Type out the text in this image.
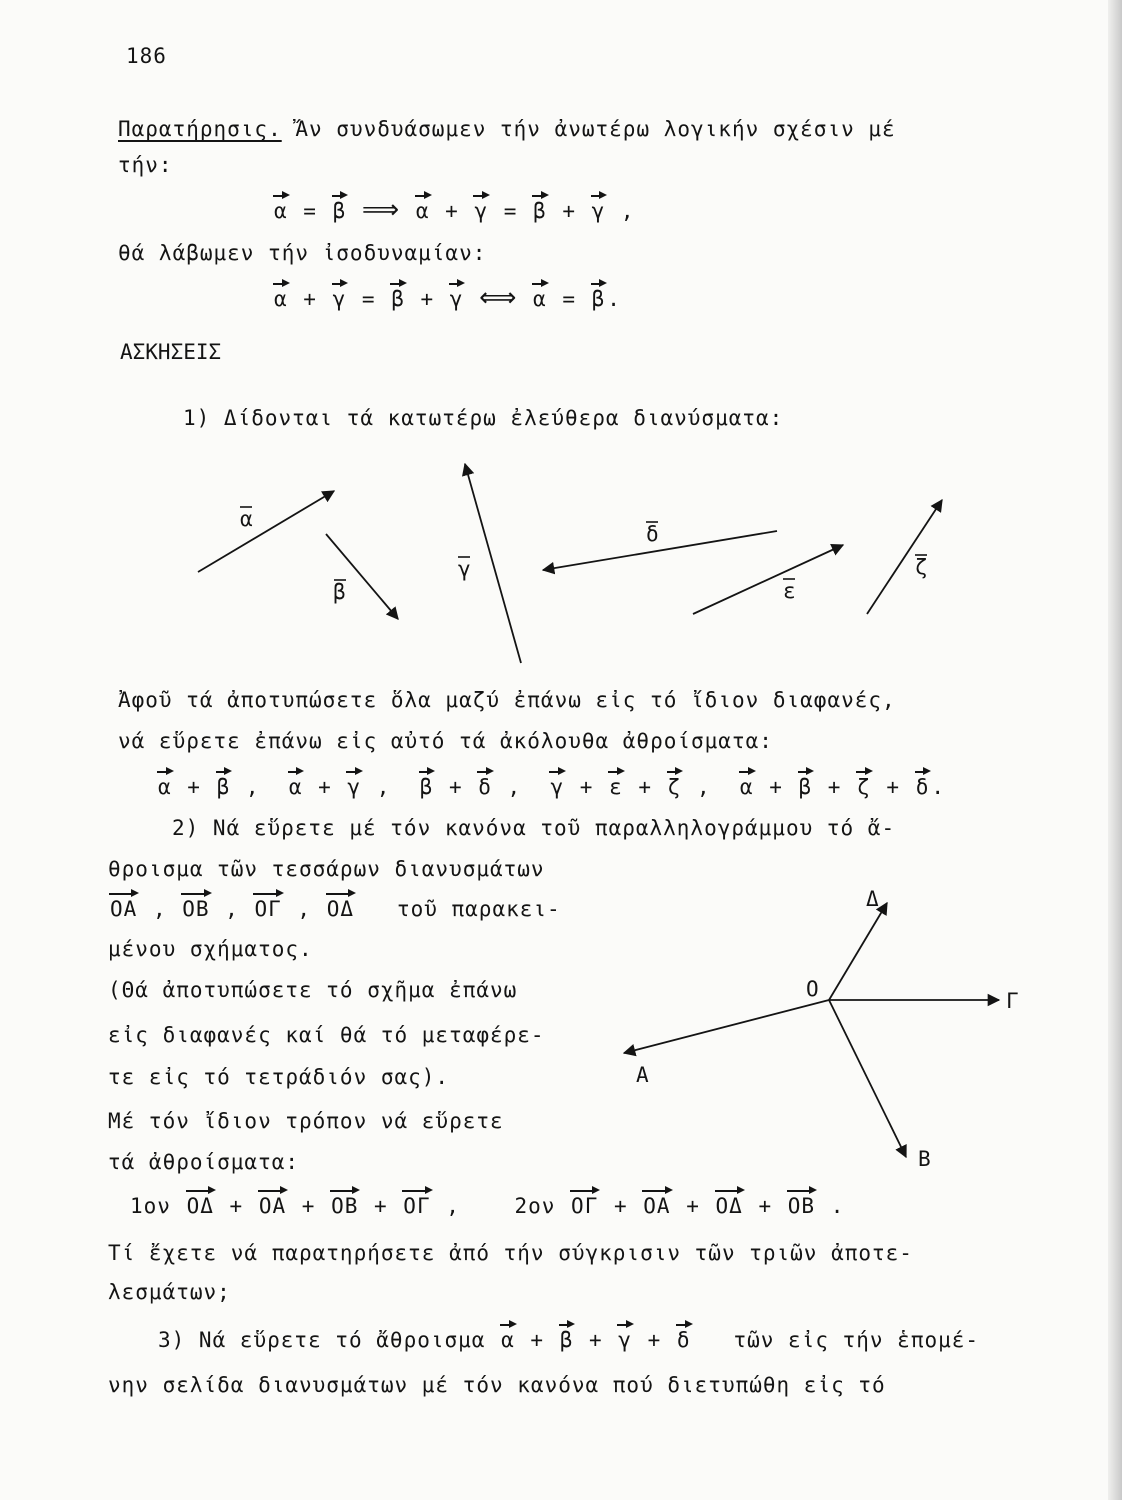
186
Παρατήρησις. Ἄν συνδυάσωμεν τήν ἀνωτέρω λογικήν σχέσιν μέ
τήν:
α = β ⟹ α + γ = β + γ ,
θά λάβωμεν τήν ἰσοδυναμίαν:
α + γ = β + γ ⟺ α = β.
ΑΣΚΗΣΕΙΣ
1) Δίδονται τά κατωτέρω ἐλεύθερα διανύσματα:
α
β
γ
δ
ε
ζ
Ο
Α
Β
Γ
Δ
Ἀφοῦ τά ἀποτυπώσετε ὅλα μαζύ ἐπάνω εἰς τό ἴδιον διαφανές,
νά εὕρετε ἐπάνω εἰς αὐτό τά ἀκόλουθα ἀθροίσματα:
α + β ,  α + γ ,  β + δ ,  γ + ε + ζ ,  α + β + ζ + δ.
2) Νά εὕρετε μέ τόν κανόνα τοῦ παραλληλογράμμου τό ἄ-
θροισμα τῶν τεσσάρων διανυσμάτων
ΟΑ , ΟΒ , ΟΓ , ΟΔ τοῦ παρακει-
μένου σχήματος.
(Θά ἀποτυπώσετε τό σχῆμα ἐπάνω
εἰς διαφανές καί θά τό μεταφέρε-
τε εἰς τό τετράδιόν σας).
Μέ τόν ἴδιον τρόπον νά εὕρετε
τά ἀθροίσματα:
1ον ΟΔ + ΟΑ + ΟΒ + ΟΓ ,    2ον ΟΓ + ΟΑ + ΟΔ + ΟΒ .
Τί ἔχετε νά παρατηρήσετε ἀπό τήν σύγκρισιν τῶν τριῶν ἀποτε-
λεσμάτων;
3) Νά εὕρετε τό ἄθροισμα α + β + γ + δ τῶν εἰς τήν ἑπομέ-
νην σελίδα διανυσμάτων μέ τόν κανόνα πού διετυπώθη εἰς τό
